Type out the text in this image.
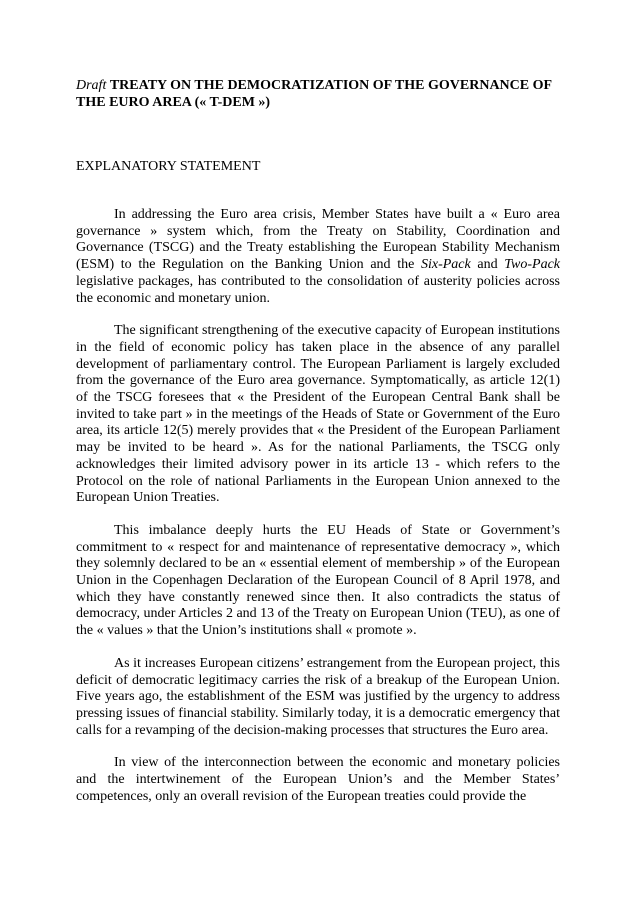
Draft TREATY ON THE DEMOCRATIZATION OF THE GOVERNANCE OF THE EURO AREA (« T-DEM »)
EXPLANATORY STATEMENT

In addressing the Euro area crisis, Member States have built a « Euro area governance » system which, from the Treaty on Stability, Coordination and Governance (TSCG) and the Treaty establishing the European Stability Mechanism (ESM) to the Regulation on the Banking Union and the Six-Pack and Two-Pack legislative packages, has contributed to the consolidation of austerity policies across the economic and monetary union.

The significant strengthening of the executive capacity of European institutions in the field of economic policy has taken place in the absence of any parallel development of parliamentary control. The European Parliament is largely excluded from the governance of the Euro area governance. Symptomatically, as article 12(1) of the TSCG foresees that « the President of the European Central Bank shall be invited to take part » in the meetings of the Heads of State or Government of the Euro area, its article 12(5) merely provides that « the President of the European Parliament may be invited to be heard ». As for the national Parliaments, the TSCG only acknowledges their limited advisory power in its article 13 - which refers to the Protocol on the role of national Parliaments in the European Union annexed to the European Union Treaties.

This imbalance deeply hurts the EU Heads of State or Government’s commitment to « respect for and maintenance of representative democracy », which they solemnly declared to be an « essential element of membership » of the European Union in the Copenhagen Declaration of the European Council of 8 April 1978, and which they have constantly renewed since then. It also contradicts the status of democracy, under Articles 2 and 13 of the Treaty on European Union (TEU), as one of the « values » that the Union’s institutions shall « promote ».

As it increases European citizens’ estrangement from the European project, this deficit of democratic legitimacy carries the risk of a breakup of the European Union. Five years ago, the establishment of the ESM was justified by the urgency to address pressing issues of financial stability. Similarly today, it is a democratic emergency that calls for a revamping of the decision-making processes that structures the Euro area.

In view of the interconnection between the economic and monetary policies and the intertwinement of the European Union’s and the Member States’ competences, only an overall revision of the European treaties could provide the
